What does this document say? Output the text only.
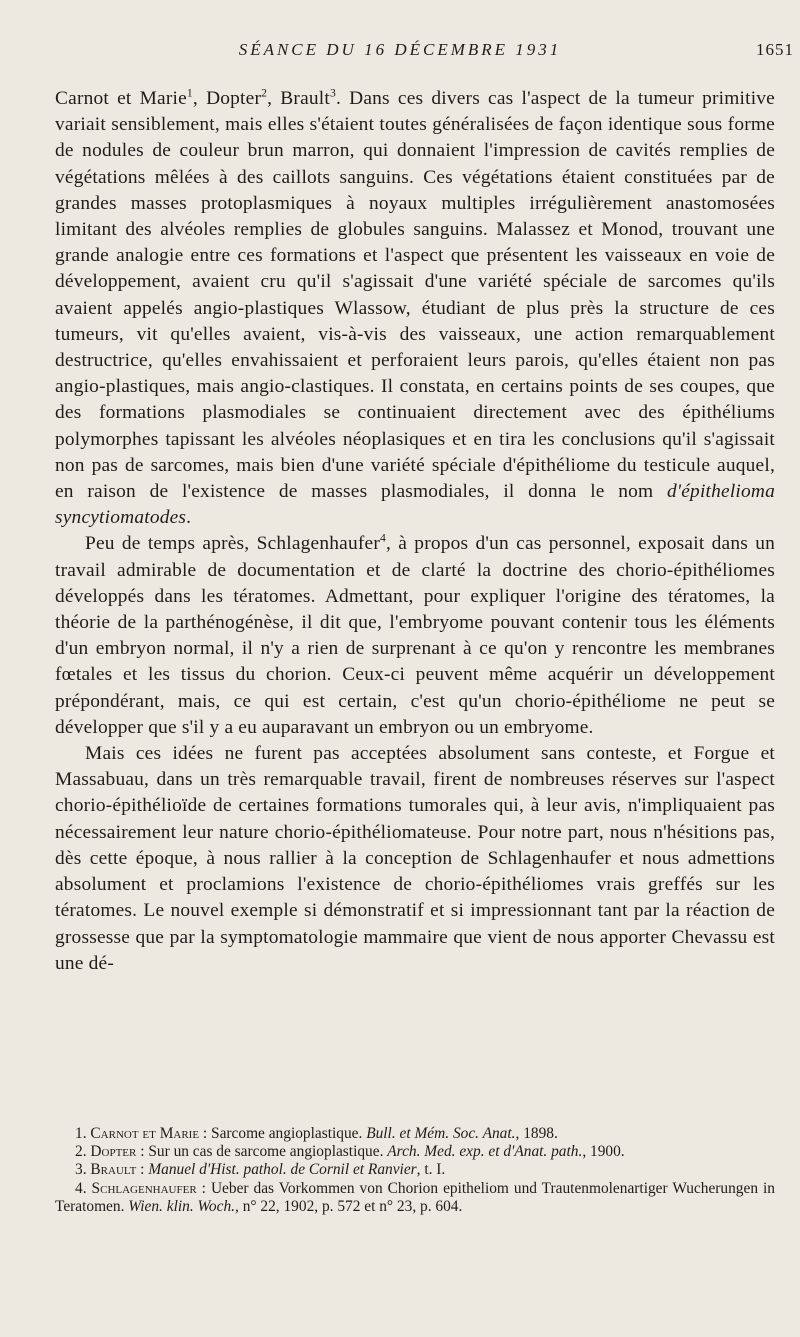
SÉANCE DU 16 DÉCEMBRE 1931	1651

Carnot et Marie$^1$, Dopter$^2$, Brault$^3$. Dans ces divers cas l'aspect de la tumeur primitive variait sensiblement, mais elles s'étaient toutes généralisées de façon identique sous forme de nodules de couleur brun marron, qui donnaient l'impression de cavités remplies de végétations mêlées à des caillots sanguins. Ces végétations étaient constituées par de grandes masses protoplasmiques à noyaux multiples irrégulièrement anastomosées limitant des alvéoles remplies de globules sanguins. Malassez et Monod, trouvant une grande analogie entre ces formations et l'aspect que présentent les vaisseaux en voie de développement, avaient cru qu'il s'agissait d'une variété spéciale de sarcomes qu'ils avaient appelés angio-plastiques Wlassow, étudiant de plus près la structure de ces tumeurs, vit qu'elles avaient, vis-à-vis des vaisseaux, une action remarquablement destructrice, qu'elles envahissaient et perforaient leurs parois, qu'elles étaient non pas angio-plastiques, mais angio-clastiques. Il constata, en certains points de ses coupes, que des formations plasmodiales se continuaient directement avec des épithéliums polymorphes tapissant les alvéoles néoplasiques et en tira les conclusions qu'il s'agissait non pas de sarcomes, mais bien d'une variété spéciale d'épithéliome du testicule auquel, en raison de l'existence de masses plasmodiales, il donna le nom d'épithelioma syncytiomatodes.

Peu de temps après, Schlagenhaufer$^4$, à propos d'un cas personnel, exposait dans un travail admirable de documentation et de clarté la doctrine des chorio-épithéliomes développés dans les tératomes. Admettant, pour expliquer l'origine des tératomes, la théorie de la parthénogénèse, il dit que, l'embryome pouvant contenir tous les éléments d'un embryon normal, il n'y a rien de surprenant à ce qu'on y rencontre les membranes fœtales et les tissus du chorion. Ceux-ci peuvent même acquérir un développement prépondérant, mais, ce qui est certain, c'est qu'un chorio-épithéliome ne peut se développer que s'il y a eu auparavant un embryon ou un embryome.

Mais ces idées ne furent pas acceptées absolument sans conteste, et Forgue et Massabuau, dans un très remarquable travail, firent de nombreuses réserves sur l'aspect chorio-épithélioïde de certaines formations tumorales qui, à leur avis, n'impliquaient pas nécessairement leur nature chorio-épithéliomateuse. Pour notre part, nous n'hésitions pas, dès cette époque, à nous rallier à la conception de Schlagenhaufer et nous admettions absolument et proclamions l'existence de chorio-épithéliomes vrais greffés sur les tératomes. Le nouvel exemple si démonstratif et si impressionnant tant par la réaction de grossesse que par la symptomatologie mammaire que vient de nous apporter Chevassu est une dé-

1. Carnot et Marie : Sarcome angioplastique. Bull. et Mém. Soc. Anat., 1898.

2. Dopter : Sur un cas de sarcome angioplastique. Arch. Med. exp. et d'Anat. path., 1900.

3. Brault : Manuel d'Hist. pathol. de Cornil et Ranvier, t. I.

4. Schlagenhaufer : Ueber das Vorkommen von Chorion epitheliom und Trautenmolenartiger Wucherungen in Teratomen. Wien. klin. Woch., n° 22, 1902, p. 572 et n° 23, p. 604.
